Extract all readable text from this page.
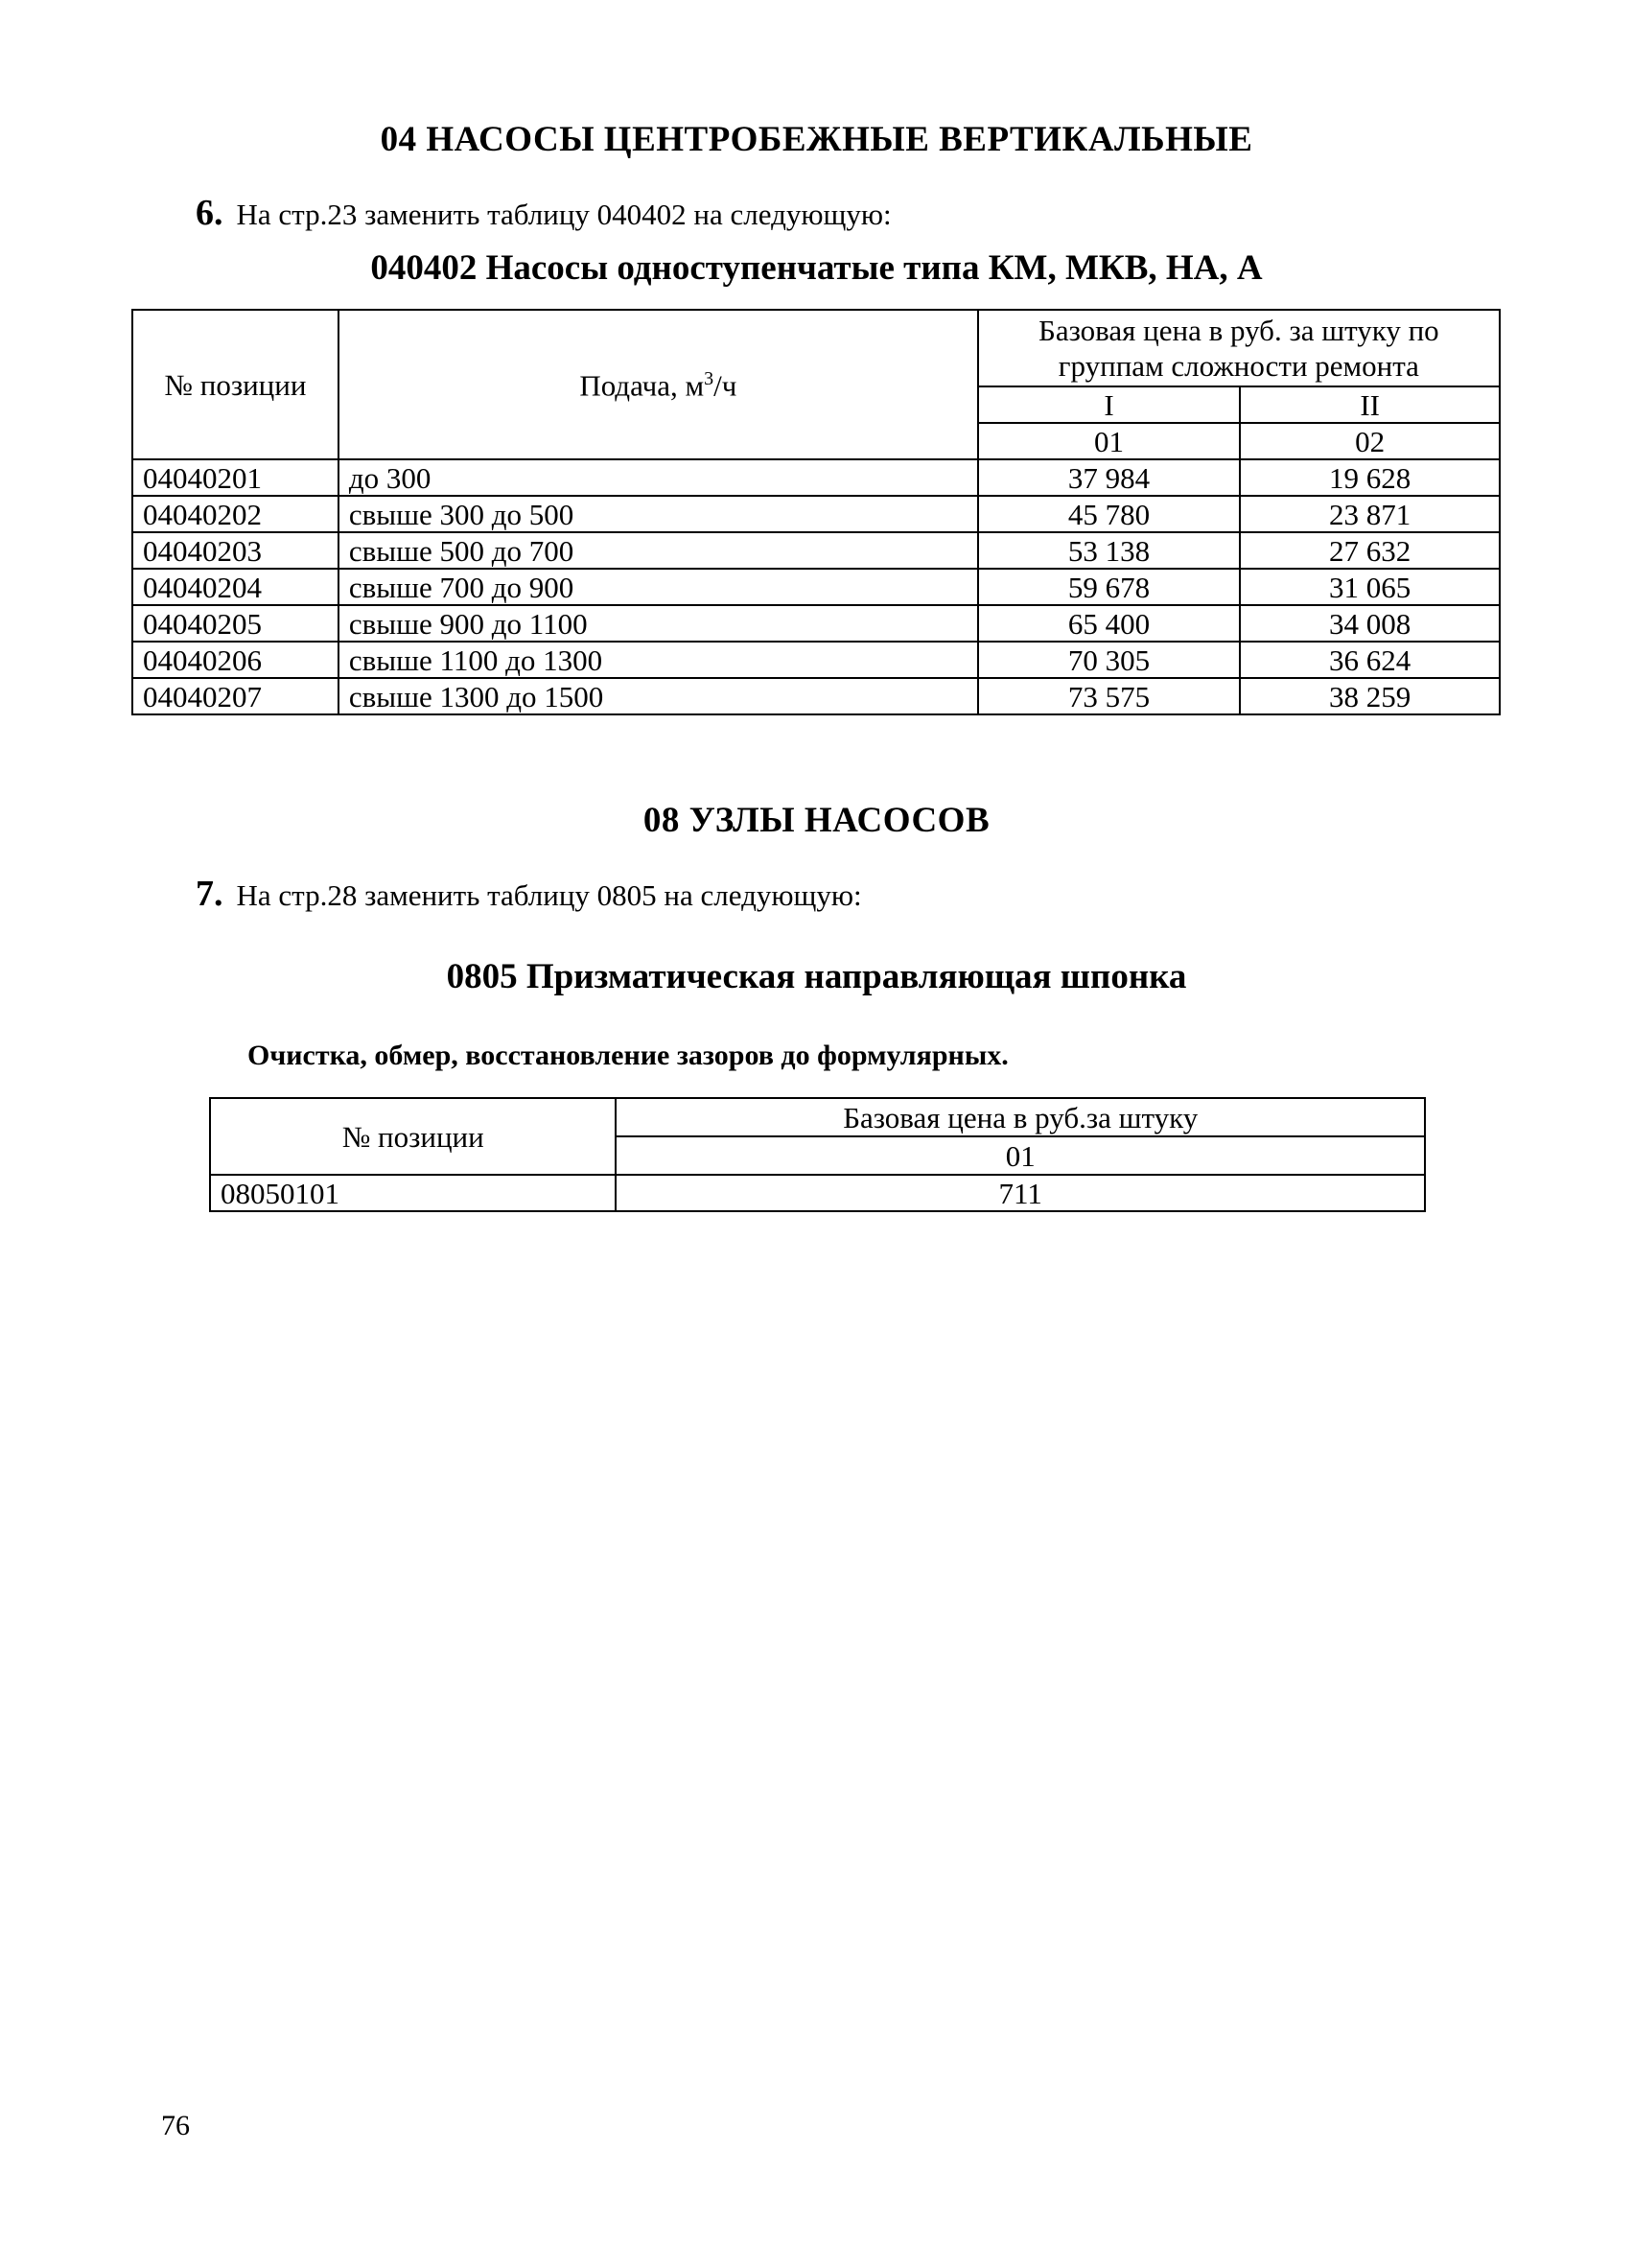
04 НАСОСЫ ЦЕНТРОБЕЖНЫЕ ВЕРТИКАЛЬНЫЕ
6. На стр.23 заменить таблицу 040402 на следующую:
040402 Насосы одноступенчатые типа КМ, МКВ, НА, А
№ позиции	Подача, $м^3/ч$	Базовая цена в руб. за штуку по группам сложности ремонта	
		I	II
		01	02
04040201	до 300	37 984	19 628
04040202	свыше 300 до 500	45 780	23 871
04040203	свыше 500 до 700	53 138	27 632
04040204	свыше 700 до 900	59 678	31 065
04040205	свыше 900 до 1100	65 400	34 008
04040206	свыше 1100 до 1300	70 305	36 624
04040207	свыше 1300 до 1500	73 575	38 259
08 УЗЛЫ НАСОСОВ
7. На стр.28 заменить таблицу 0805 на следующую:
0805 Призматическая направляющая шпонка
Очистка, обмер, восстановление зазоров до формулярных.
№ позиции	Базовая цена в руб.за штуку
	01
08050101	711
76
